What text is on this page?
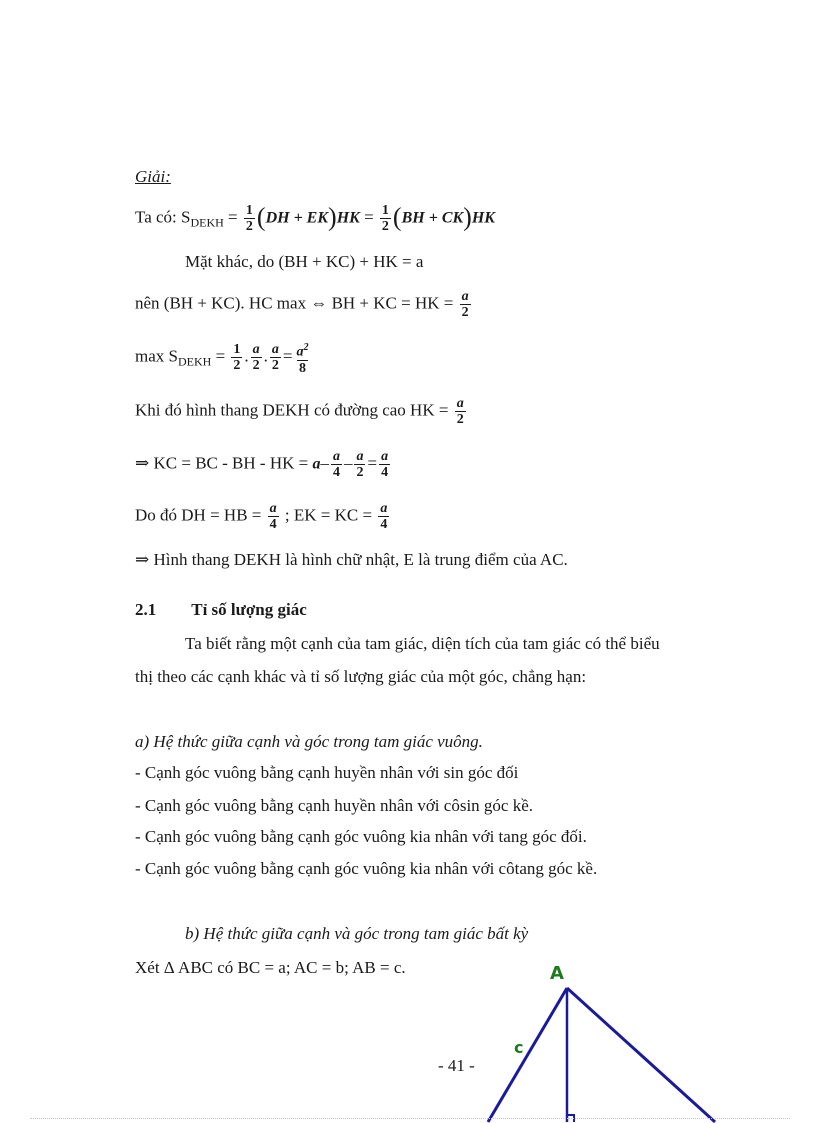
Giải:
Ta có: $S_{DEKH} = \frac{1}{2} (DH + EK)HK = \frac{1}{2} (BH + CK)HK$
Mặt khác, do (BH + KC) + HK = a
nên (BH + KC). HC max ⇔ BH + KC = HK = $\frac{a}{2}$
$\max S_{DEKH} = \frac{1}{2}$ . $\frac{a}{2}$ . $\frac{a}{2} = \frac{a^2}{8}$
Khi đó hình thang DEKH có đường cao HK = $\frac{a}{2}$
⇒ KC = BC - BH - HK = $a- \frac{a}{4} - \frac{a}{2} = \frac{a}{4}$
Do đó DH = HB = $\frac{a}{4}$ ; EK = KC = $\frac{a}{4}$
⇒ Hình thang DEKH là hình chữ nhật, E là trung điểm của AC.
2.1 Tỉ số lượng giác
Ta biết rằng một cạnh của tam giác, diện tích của tam giác có thể biểu
thị theo các cạnh khác và tỉ số lượng giác của một góc, chẳng hạn:
a) Hệ thức giữa cạnh và góc trong tam giác vuông.
- Cạnh góc vuông bằng cạnh huyền nhân với sin góc đối
- Cạnh góc vuông bằng cạnh huyền nhân với côsin góc kề.
- Cạnh góc vuông bằng cạnh góc vuông kia nhân với tang góc đối.
- Cạnh góc vuông bằng cạnh góc vuông kia nhân với côtang góc kề.
b) Hệ thức giữa cạnh và góc trong tam giác bất kỳ
Xét Δ ABC có BC = a; AC = b; AB = c.	A
c
- 41 -
